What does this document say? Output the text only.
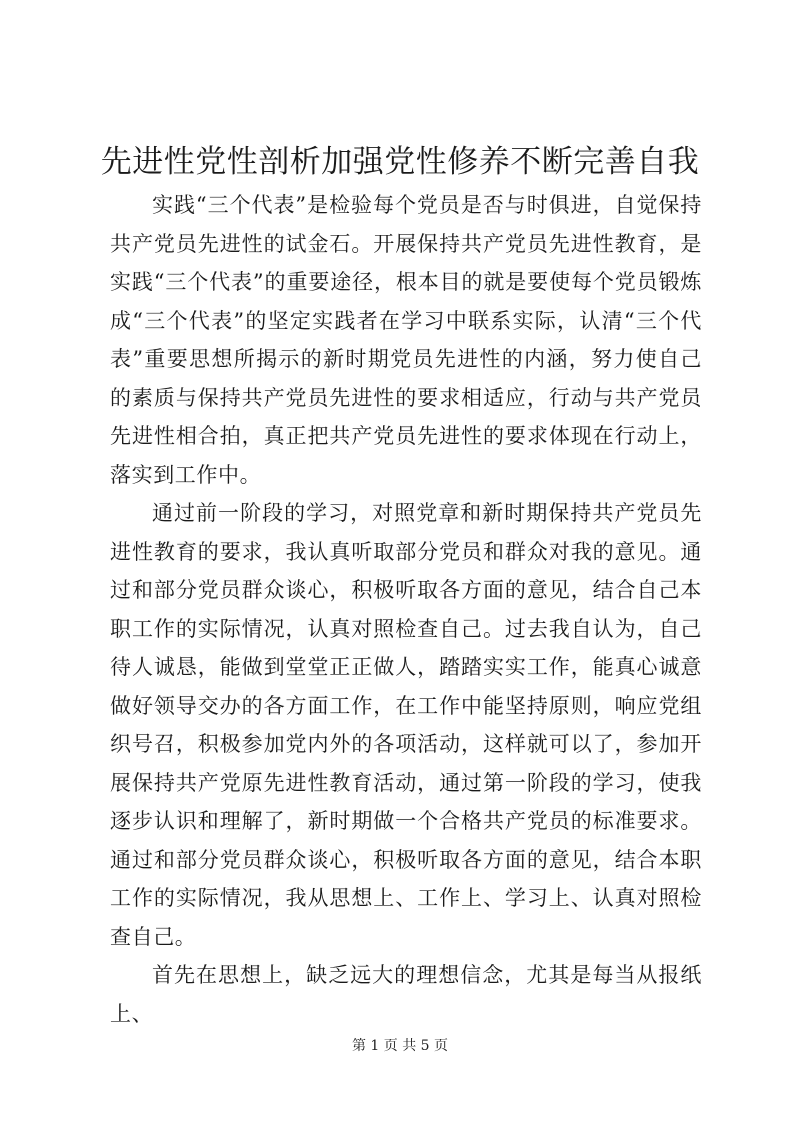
先进性党性剖析加强党性修养不断完善自我

实践“三个代表”是检验每个党员是否与时俱进，自觉保持共产党员先进性的试金石。开展保持共产党员先进性教育，是实践“三个代表”的重要途径，根本目的就是要使每个党员锻炼成“三个代表”的坚定实践者在学习中联系实际，认清“三个代表”重要思想所揭示的新时期党员先进性的内涵，努力使自己的素质与保持共产党员先进性的要求相适应，行动与共产党员先进性相合拍，真正把共产党员先进性的要求体现在行动上，落实到工作中。

通过前一阶段的学习，对照党章和新时期保持共产党员先进性教育的要求，我认真听取部分党员和群众对我的意见。通过和部分党员群众谈心，积极听取各方面的意见，结合自己本职工作的实际情况，认真对照检查自己。过去我自认为，自己待人诚恳，能做到堂堂正正做人，踏踏实实工作，能真心诚意做好领导交办的各方面工作，在工作中能坚持原则，响应党组织号召，积极参加党内外的各项活动，这样就可以了，参加开展保持共产党原先进性教育活动，通过第一阶段的学习，使我逐步认识和理解了，新时期做一个合格共产党员的标准要求。通过和部分党员群众谈心，积极听取各方面的意见，结合本职工作的实际情况，我从思想上、工作上、学习上、认真对照检查自己。

首先在思想上，缺乏远大的理想信念，尤其是每当从报纸上、

第 1 页 共 5 页
